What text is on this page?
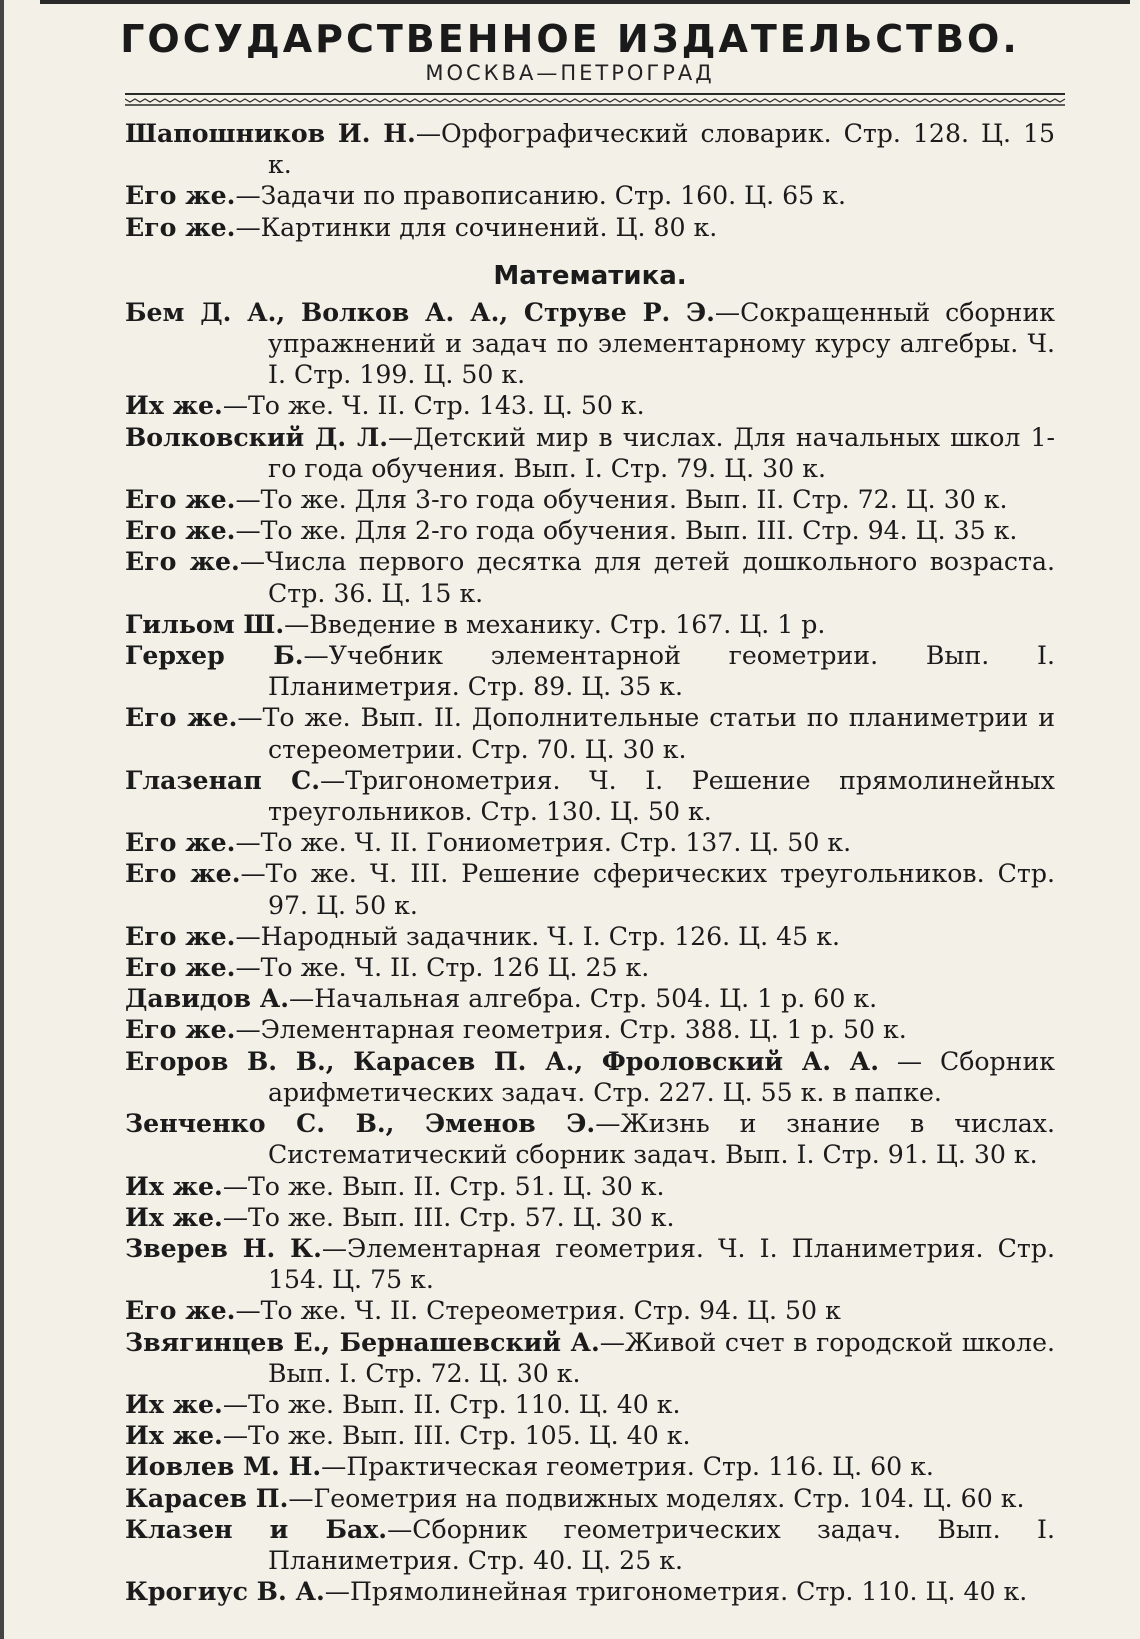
ГОСУДАРСТВЕННОЕ ИЗДАТЕЛЬСТВО.
МОСКВА—ПЕТРОГРАД
Шапошников И. Н.—Орфографический словарик. Стр. 128. Ц. 15 к.
Его же.—Задачи по правописанию. Стр. 160. Ц. 65 к.
Его же.—Картинки для сочинений. Ц. 80 к.
Математика.
Бем Д. А., Волков А. А., Струве Р. Э.—Сокращенный сборник упражнений и задач по элементарному курсу алгебры. Ч. I. Стр. 199. Ц. 50 к.
Их же.—То же. Ч. II. Стр. 143. Ц. 50 к.
Волковский Д. Л.—Детский мир в числах. Для начальных школ 1-го года обучения. Вып. I. Стр. 79. Ц. 30 к.
Его же.—То же. Для 3-го года обучения. Вып. II. Стр. 72. Ц. 30 к.
Его же.—То же. Для 2-го года обучения. Вып. III. Стр. 94. Ц. 35 к.
Его же.—Числа первого десятка для детей дошкольного возраста. Стр. 36. Ц. 15 к.
Гильом Ш.—Введение в механику. Стр. 167. Ц. 1 р.
Герхер Б.—Учебник элементарной геометрии. Вып. I. Планиметрия. Стр. 89. Ц. 35 к.
Его же.—То же. Вып. II. Дополнительные статьи по планиметрии и стереометрии. Стр. 70. Ц. 30 к.
Глазенап С.—Тригонометрия. Ч. I. Решение прямолинейных треугольников. Стр. 130. Ц. 50 к.
Его же.—То же. Ч. II. Гониометрия. Стр. 137. Ц. 50 к.
Его же.—То же. Ч. III. Решение сферических треугольников. Стр. 97. Ц. 50 к.
Его же.—Народный задачник. Ч. I. Стр. 126. Ц. 45 к.
Его же.—То же. Ч. II. Стр. 126 Ц. 25 к.
Давидов А.—Начальная алгебра. Стр. 504. Ц. 1 р. 60 к.
Его же.—Элементарная геометрия. Стр. 388. Ц. 1 р. 50 к.
Егоров В. В., Карасев П. А., Фроловский А. А. — Сборник арифметических задач. Стр. 227. Ц. 55 к. в папке.
Зенченко С. В., Эменов Э.—Жизнь и знание в числах. Систематический сборник задач. Вып. I. Стр. 91. Ц. 30 к.
Их же.—То же. Вып. II. Стр. 51. Ц. 30 к.
Их же.—То же. Вып. III. Стр. 57. Ц. 30 к.
Зверев Н. К.—Элементарная геометрия. Ч. I. Планиметрия. Стр. 154. Ц. 75 к.
Его же.—То же. Ч. II. Стереометрия. Стр. 94. Ц. 50 к
Звягинцев Е., Бернашевский А.—Живой счет в городской школе. Вып. I. Стр. 72. Ц. 30 к.
Их же.—То же. Вып. II. Стр. 110. Ц. 40 к.
Их же.—То же. Вып. III. Стр. 105. Ц. 40 к.
Иовлев М. Н.—Практическая геометрия. Стр. 116. Ц. 60 к.
Карасев П.—Геометрия на подвижных моделях. Стр. 104. Ц. 60 к.
Клазен и Бах.—Сборник геометрических задач. Вып. I. Планиметрия. Стр. 40. Ц. 25 к.
Крогиус В. А.—Прямолинейная тригонометрия. Стр. 110. Ц. 40 к.
